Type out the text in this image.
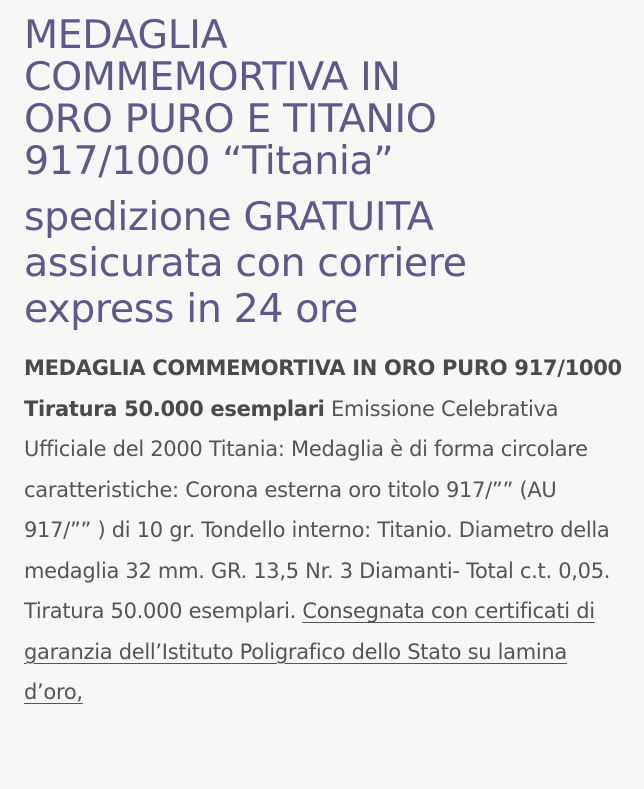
MEDAGLIA
COMMEMORTIVA IN
ORO PURO E TITANIO
917/1000 “Titania”
spedizione GRATUITA
assicurata con corriere
express in 24 ore

MEDAGLIA COMMEMORTIVA IN ORO PURO 917/1000 Tiratura 50.000 esemplari Emissione Celebrativa Ufficiale del 2000 Titania: Medaglia è di forma circolare caratteristiche: Corona esterna oro titolo 917/”” (AU 917/”” ) di 10 gr. Tondello interno: Titanio. Diametro della medaglia 32 mm. GR. 13,5 Nr. 3 Diamanti- Total c.t. 0,05. Tiratura 50.000 esemplari. Consegnata con certificati di garanzia dell’Istituto Poligrafico dello Stato su lamina d’oro,
